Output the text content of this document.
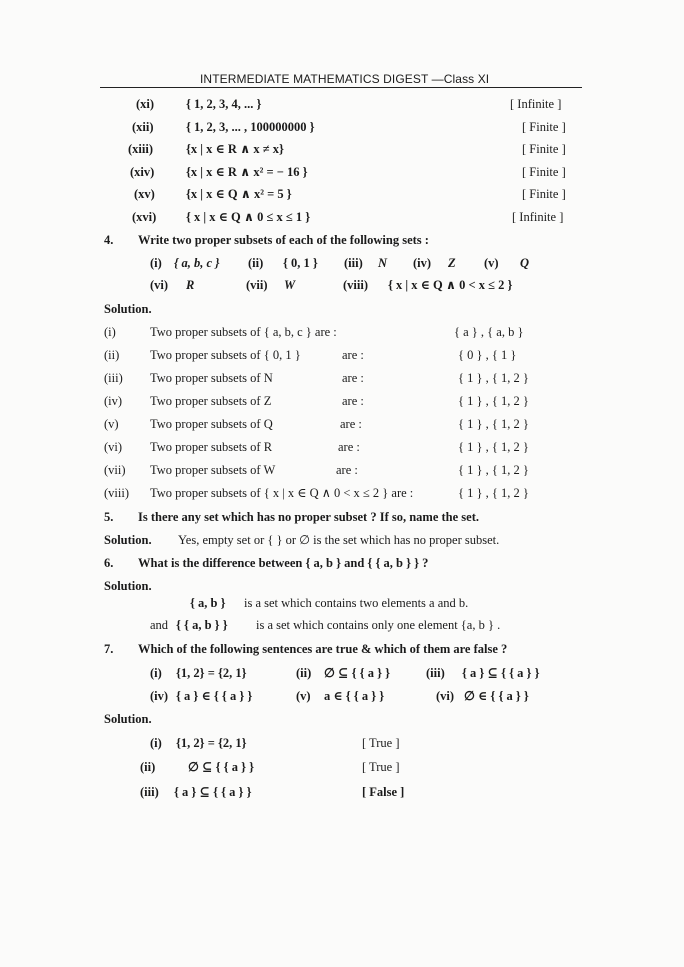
INTERMEDIATE MATHEMATICS DIGEST —Class XI
(xi)	{ 1, 2, 3, 4, ... }	[ Infinite ]
(xii)	{ 1, 2, 3, ... , 100000000 }	[ Finite ]
(xiii)	{x | x ∈ R ∧ x ≠ x}	[ Finite ]
(xiv)	{x | x ∈ R ∧ x² = − 16 }	[ Finite ]
(xv) {x | x ∈ Q ∧ x² = 5 }	[ Finite ]
(xvi) { x | x ∈ Q ∧ 0 ≤ x ≤ 1 }	[ Infinite ]
4. Write two proper subsets of each of the following sets :
(i) { a, b, c } (ii) { 0, 1 } (iii) N (iv) Z (v) Q
(vi) R	(vii) W	(viii) { x | x ∈ Q ∧ 0 < x ≤ 2 }
Solution.
(i)	Two proper subsets of { a, b, c } are :	{ a } , { a, b }
(ii) Two proper subsets of { 0, 1 }	are :	{ 0 } , { 1 }
(iii) Two proper subsets of N	are :	{ 1 } , { 1, 2 }
(iv) Two proper subsets of Z	are :	{ 1 } , { 1, 2 }
(v)	Two proper subsets of Q	are :	{ 1 } , { 1, 2 }
(vi) Two proper subsets of R	are :	{ 1 } , { 1, 2 }
(vii) Two proper subsets of W	are :	{ 1 } , { 1, 2 }
(viii) Two proper subsets of { x | x ∈ Q ∧ 0 < x ≤ 2 } are :	{ 1 } , { 1, 2 }
5. Is there any set which has no proper subset ? If so, name the set.
Solution. Yes, empty set or { } or ∅ is the set which has no proper subset.
6. What is the difference between { a, b } and { { a, b } } ?
Solution.
{ a, b } is a set which contains two elements a and b.
and { { a, b } } is a set which contains only one element {a, b } .
7. Which of the following sentences are true & which of them are false ?
(i) {1, 2} = {2, 1}	(ii) ∅ ⊆ { { a } }	(iii) { a } ⊆ { { a } }
(iv) { a } ∈ { { a } }	(v) a ∈ { { a } }	(vi) ∅ ∈ { { a } }
Solution.
(i) {1, 2} = {2, 1}	[ True ]
(ii)	∅ ⊆ { { a } }	[ True ]
(iii) { a } ⊆ { { a } }	[ False ]
